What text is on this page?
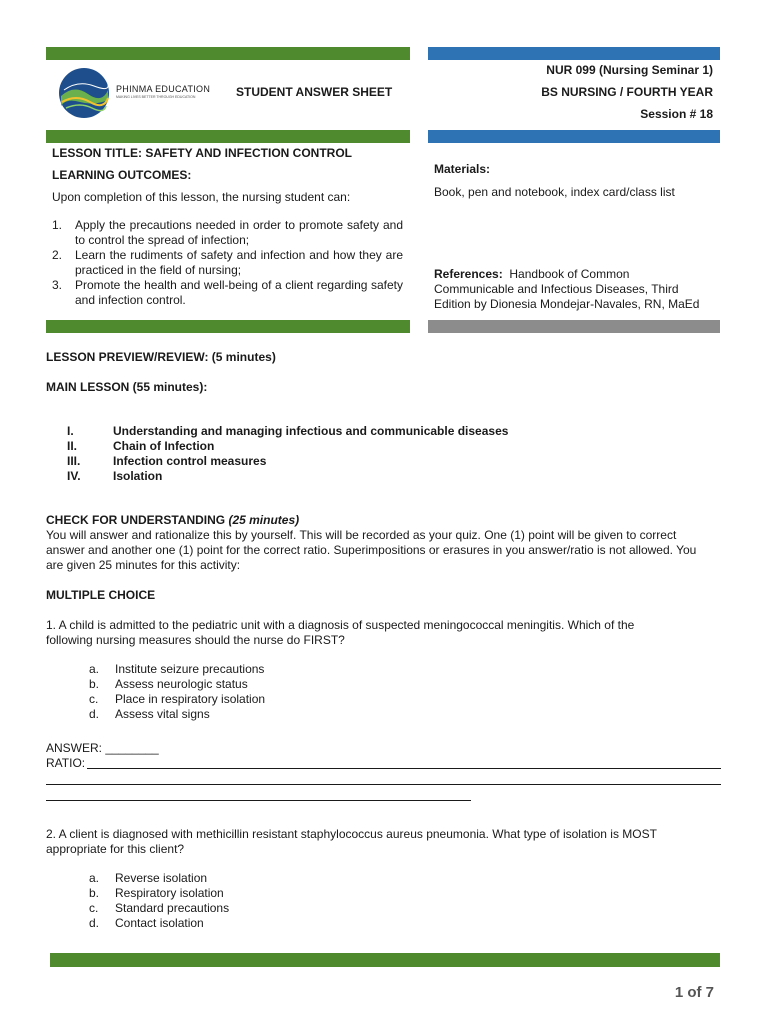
PHINMA EDUCATION
MAKING LIVES BETTER THROUGH EDUCATION	STUDENT ANSWER SHEET
NUR 099 (Nursing Seminar 1)
BS NURSING / FOURTH YEAR
Session # 18
LESSON TITLE: SAFETY AND INFECTION CONTROL
LEARNING OUTCOMES:
Upon completion of this lesson, the nursing student can:
1. Apply the precautions needed in order to promote safety and to control the spread of infection;
2. Learn the rudiments of safety and infection and how they are practiced in the field of nursing;
3. Promote the health and well-being of a client regarding safety and infection control.
Materials:
Book, pen and notebook, index card/class list
References: Handbook of Common
Communicable and Infectious Diseases, Third
Edition by Dionesia Mondejar-Navales, RN, MaEd
LESSON PREVIEW/REVIEW: (5 minutes)
MAIN LESSON (55 minutes):
I.	Understanding and managing infectious and communicable diseases
II.	Chain of Infection
III.	Infection control measures
IV.	Isolation
CHECK FOR UNDERSTANDING (25 minutes)
You will answer and rationalize this by yourself. This will be recorded as your quiz. One (1) point will be given to correct
answer and another one (1) point for the correct ratio. Superimpositions or erasures in you answer/ratio is not allowed. You
are given 25 minutes for this activity:
MULTIPLE CHOICE
1. A child is admitted to the pediatric unit with a diagnosis of suspected meningococcal meningitis. Which of the
following nursing measures should the nurse do FIRST?
a. Institute seizure precautions
b. Assess neurologic status
c. Place in respiratory isolation
d. Assess vital signs
ANSWER: ________
RATIO:
2. A client is diagnosed with methicillin resistant staphylococcus aureus pneumonia. What type of isolation is MOST
appropriate for this client?
a. Reverse isolation
b. Respiratory isolation
c. Standard precautions
d. Contact isolation
1 of 7
